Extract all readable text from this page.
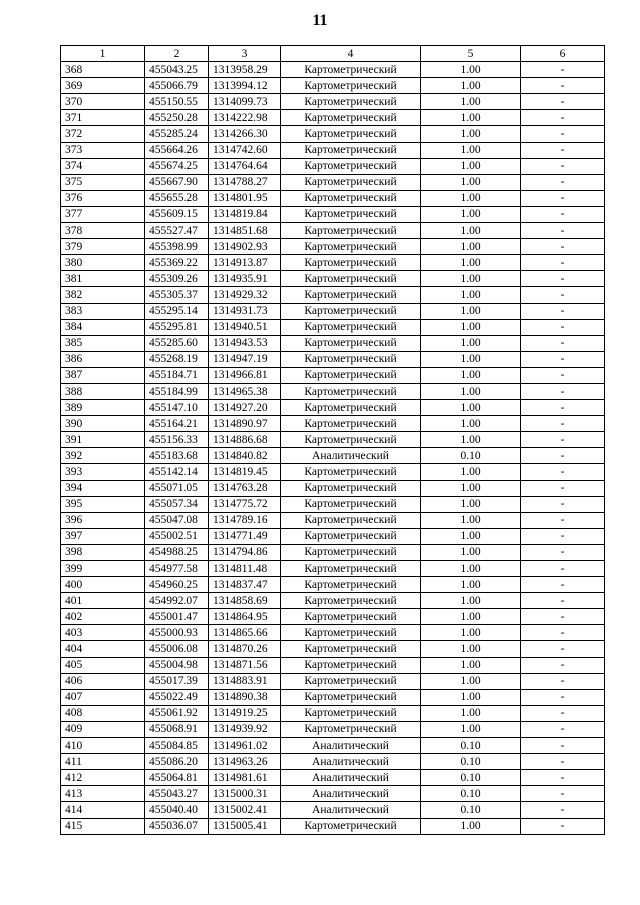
11
1	2	3	4	5	6
368	455043.25	1313958.29	Картометрический	1.00	-
369	455066.79	1313994.12	Картометрический	1.00	-
370	455150.55	1314099.73	Картометрический	1.00	-
371	455250.28	1314222.98	Картометрический	1.00	-
372	455285.24	1314266.30	Картометрический	1.00	-
373	455664.26	1314742.60	Картометрический	1.00	-
374	455674.25	1314764.64	Картометрический	1.00	-
375	455667.90	1314788.27	Картометрический	1.00	-
376	455655.28	1314801.95	Картометрический	1.00	-
377	455609.15	1314819.84	Картометрический	1.00	-
378	455527.47	1314851.68	Картометрический	1.00	-
379	455398.99	1314902.93	Картометрический	1.00	-
380	455369.22	1314913.87	Картометрический	1.00	-
381	455309.26	1314935.91	Картометрический	1.00	-
382	455305.37	1314929.32	Картометрический	1.00	-
383	455295.14	1314931.73	Картометрический	1.00	-
384	455295.81	1314940.51	Картометрический	1.00	-
385	455285.60	1314943.53	Картометрический	1.00	-
386	455268.19	1314947.19	Картометрический	1.00	-
387	455184.71	1314966.81	Картометрический	1.00	-
388	455184.99	1314965.38	Картометрический	1.00	-
389	455147.10	1314927.20	Картометрический	1.00	-
390	455164.21	1314890.97	Картометрический	1.00	-
391	455156.33	1314886.68	Картометрический	1.00	-
392	455183.68	1314840.82	Аналитический	0.10	-
393	455142.14	1314819.45	Картометрический	1.00	-
394	455071.05	1314763.28	Картометрический	1.00	-
395	455057.34	1314775.72	Картометрический	1.00	-
396	455047.08	1314789.16	Картометрический	1.00	-
397	455002.51	1314771.49	Картометрический	1.00	-
398	454988.25	1314794.86	Картометрический	1.00	-
399	454977.58	1314811.48	Картометрический	1.00	-
400	454960.25	1314837.47	Картометрический	1.00	-
401	454992.07	1314858.69	Картометрический	1.00	-
402	455001.47	1314864.95	Картометрический	1.00	-
403	455000.93	1314865.66	Картометрический	1.00	-
404	455006.08	1314870.26	Картометрический	1.00	-
405	455004.98	1314871.56	Картометрический	1.00	-
406	455017.39	1314883.91	Картометрический	1.00	-
407	455022.49	1314890.38	Картометрический	1.00	-
408	455061.92	1314919.25	Картометрический	1.00	-
409	455068.91	1314939.92	Картометрический	1.00	-
410	455084.85	1314961.02	Аналитический	0.10	-
411	455086.20	1314963.26	Аналитический	0.10	-
412	455064.81	1314981.61	Аналитический	0.10	-
413	455043.27	1315000.31	Аналитический	0.10	-
414	455040.40	1315002.41	Аналитический	0.10	-
415	455036.07	1315005.41	Картометрический	1.00	-
